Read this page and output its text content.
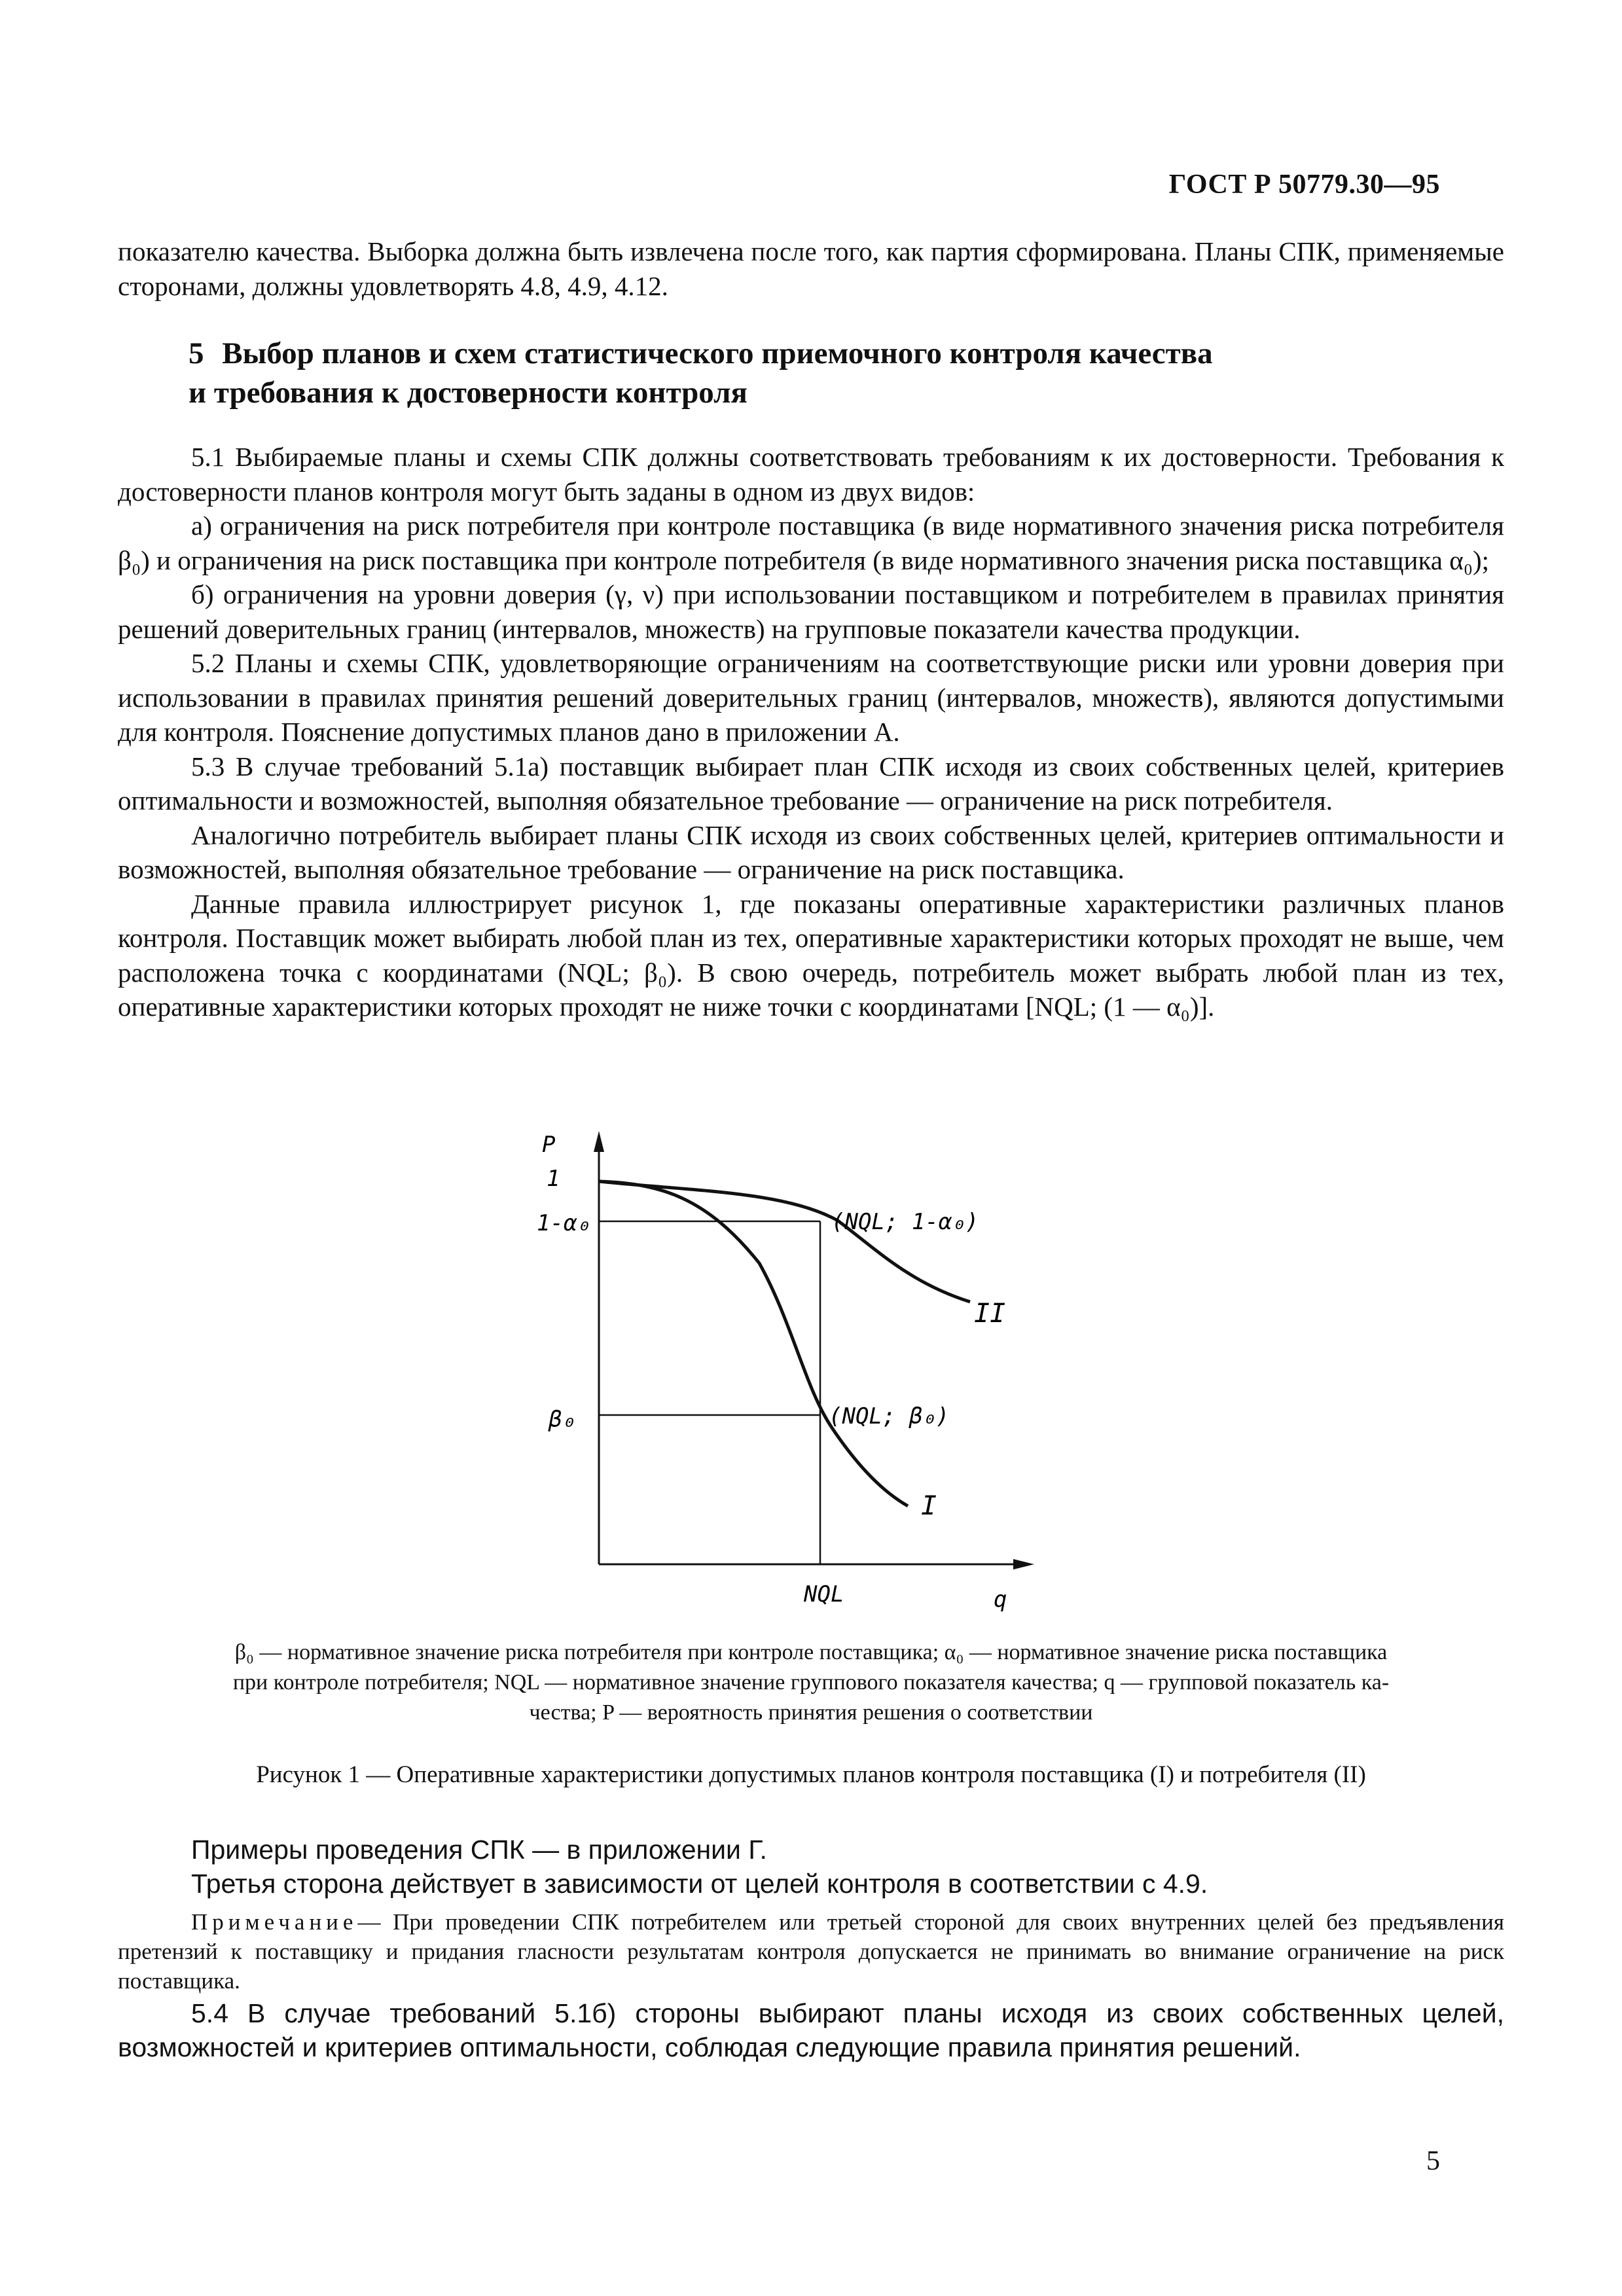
ГОСТ Р 50779.30—95

показателю качества. Выборка должна быть извлечена после того, как партия сформирована. Планы СПК, применяемые сторонами, должны удовлетворять 4.8, 4.9, 4.12.

5 Выбор планов и схем статистического приемочного контроля качества
и требования к достоверности контроля

5.1 Выбираемые планы и схемы СПК должны соответствовать требованиям к их достоверности. Требования к достоверности планов контроля могут быть заданы в одном из двух видов:

а) ограничения на риск потребителя при контроле поставщика (в виде нормативного значения риска потребителя β₀) и ограничения на риск поставщика при контроле потребителя (в виде нормативного значения риска поставщика α₀);

б) ограничения на уровни доверия (γ, ν) при использовании поставщиком и потребителем в правилах принятия решений доверительных границ (интервалов, множеств) на групповые показатели качества продукции.

5.2 Планы и схемы СПК, удовлетворяющие ограничениям на соответствующие риски или уровни доверия при использовании в правилах принятия решений доверительных границ (интервалов, множеств), являются допустимыми для контроля. Пояснение допустимых планов дано в приложении А.

5.3 В случае требований 5.1а) поставщик выбирает план СПК исходя из своих собственных целей, критериев оптимальности и возможностей, выполняя обязательное требование — ограничение на риск потребителя.

Аналогично потребитель выбирает планы СПК исходя из своих собственных целей, критериев оптимальности и возможностей, выполняя обязательное требование — ограничение на риск поставщика.

Данные правила иллюстрирует рисунок 1, где показаны оперативные характеристики различных планов контроля. Поставщик может выбирать любой план из тех, оперативные характеристики которых проходят не выше, чем расположена точка с координатами (NQL; β₀). В свою очередь, потребитель может выбрать любой план из тех, оперативные характеристики которых проходят не ниже точки с координатами [NQL; (1 — α₀)].

P
1
1-α₀
β₀
(NQL; 1-α₀)
(NQL; β₀)
II
I
NQL	q
β₀ — нормативное значение риска потребителя при контроле поставщика; α₀ — нормативное значение риска поставщика
при контроле потребителя; NQL — нормативное значение группового показателя качества; q — групповой показатель ка-
чества; P — вероятность принятия решения о соответствии
Рисунок 1 — Оперативные характеристики допустимых планов контроля поставщика (I) и потребителя (II)

Примеры проведения СПК — в приложении Г.

Третья сторона действует в зависимости от целей контроля в соответствии с 4.9.

Примечание— При проведении СПК потребителем или третьей стороной для своих внутренних целей без предъявления претензий к поставщику и придания гласности результатам контроля допускается не принимать во внимание ограничение на риск поставщика.

5.4 В случае требований 5.1б) стороны выбирают планы исходя из своих собственных целей, возможностей и критериев оптимальности, соблюдая следующие правила принятия решений.

5
